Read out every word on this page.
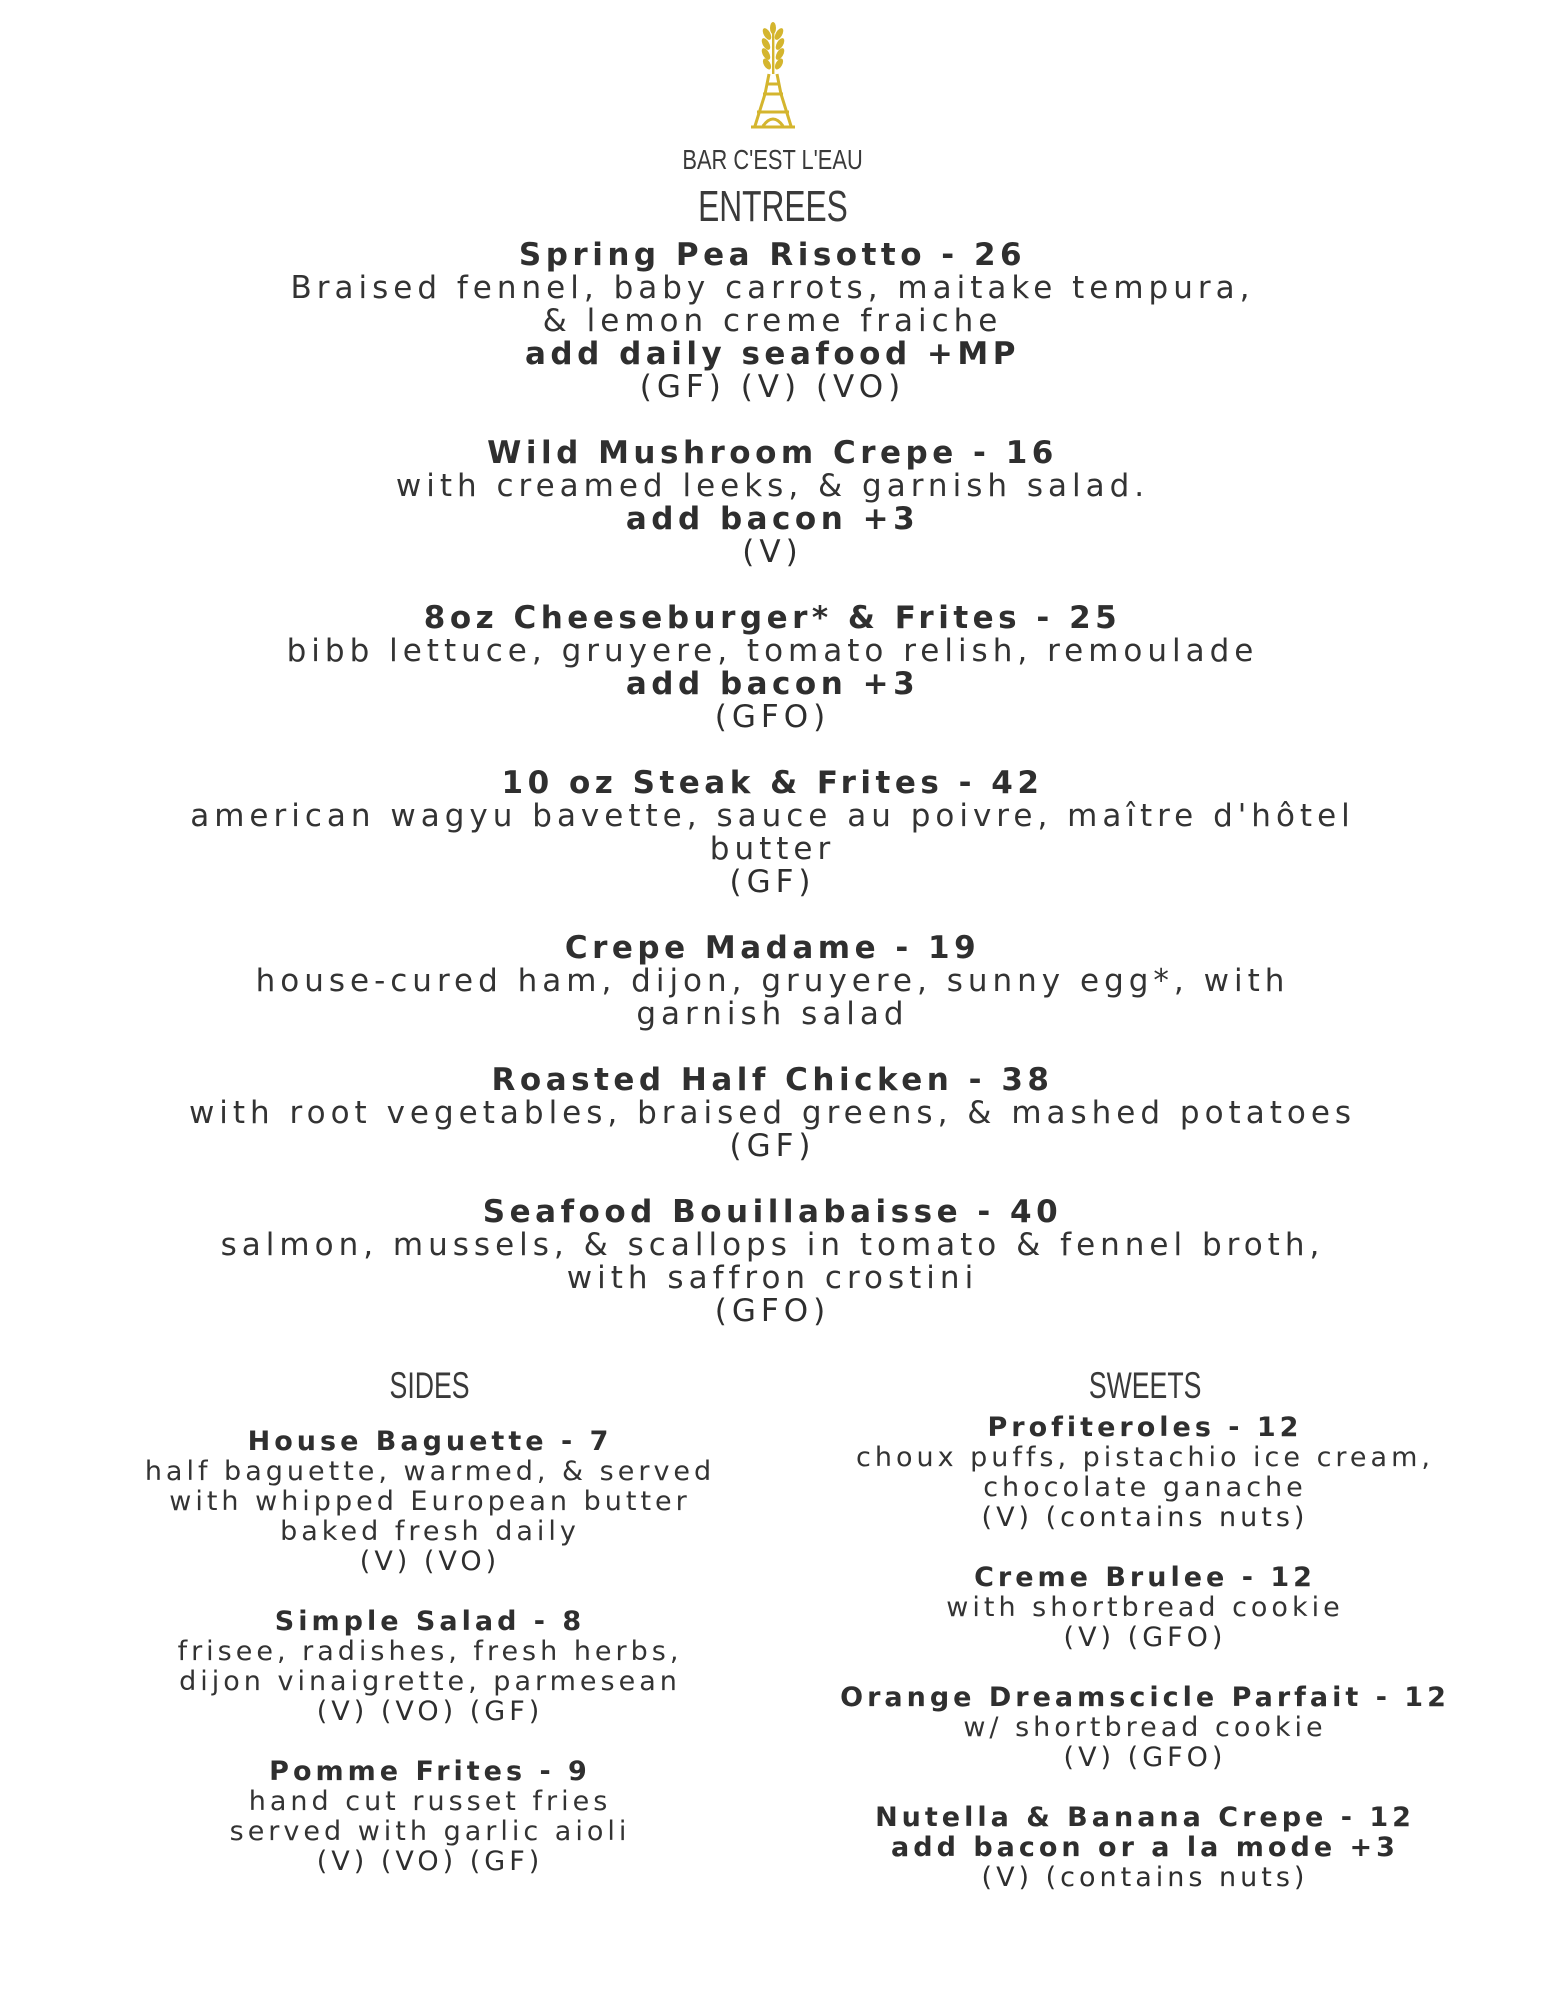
BAR C'EST L'EAU
ENTREES
Spring Pea Risotto - 26
Braised fennel, baby carrots, maitake tempura,
& lemon creme fraiche
add daily seafood +MP
(GF) (V) (VO)
Wild Mushroom Crepe - 16
with creamed leeks, & garnish salad.
add bacon +3
(V)
8oz Cheeseburger* & Frites - 25
bibb lettuce, gruyere, tomato relish, remoulade
add bacon +3
(GFO)
10 oz Steak & Frites - 42
american wagyu bavette, sauce au poivre, maître d'hôtel
butter
(GF)
Crepe Madame - 19
house-cured ham, dijon, gruyere, sunny egg*, with
garnish salad
Roasted Half Chicken - 38
with root vegetables, braised greens, & mashed potatoes
(GF)
Seafood Bouillabaisse - 40
salmon, mussels, & scallops in tomato & fennel broth,
with saffron crostini
(GFO)
SIDES
House Baguette - 7
half baguette, warmed, & served
with whipped European butter
baked fresh daily
(V) (VO)
Simple Salad - 8
frisee, radishes, fresh herbs,
dijon vinaigrette, parmesean
(V) (VO) (GF)
Pomme Frites - 9
hand cut russet fries
served with garlic aioli
(V) (VO) (GF)
SWEETS
Profiteroles - 12
choux puffs, pistachio ice cream,
chocolate ganache
(V) (contains nuts)
Creme Brulee - 12
with shortbread cookie
(V) (GFO)
Orange Dreamscicle Parfait - 12
w/ shortbread cookie
(V) (GFO)
Nutella & Banana Crepe - 12
add bacon or a la mode +3
(V) (contains nuts)
